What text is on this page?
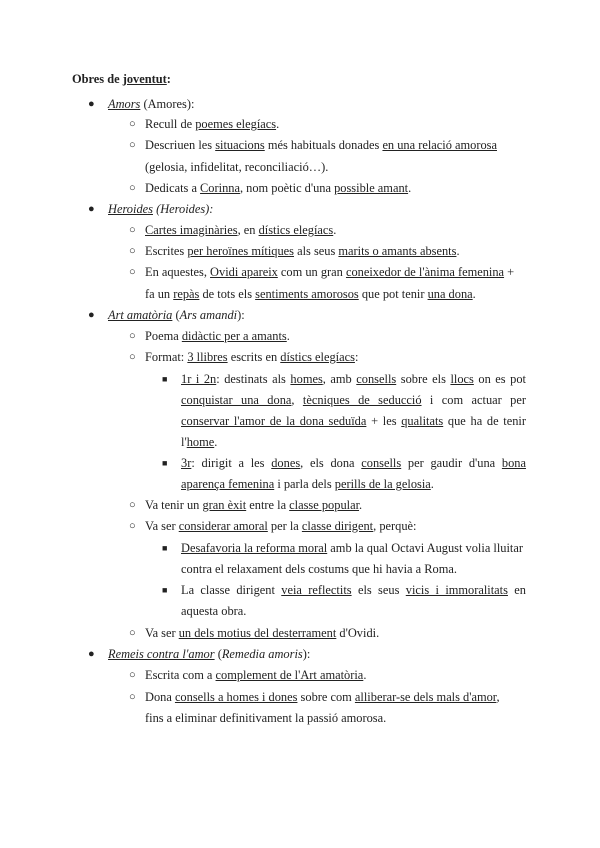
Obres de joventut:
● Amors (Amores):
○ Recull de poemes elegíacs.
○ Descriuen les situacions més habituals donades en una relació amorosa
(gelosia, infidelitat, reconciliació…).
○ Dedicats a Corinna, nom poètic d'una possible amant.
● Heroides (Heroides):
○ Cartes imaginàries, en dístics elegíacs.
○ Escrites per heroïnes mítiques als seus marits o amants absents.
○ En aquestes, Ovidi apareix com un gran coneixedor de l'ànima femenina +
fa un repàs de tots els sentiments amorosos que pot tenir una dona.
● Art amatòria (Ars amandi):
○ Poema didàctic per a amants.
○ Format: 3 llibres escrits en dístics elegíacs:
■ 1r i 2n: destinats als homes, amb consells sobre els llocs on es pot
conquistar una dona, tècniques de seducció i com actuar per
conservar l'amor de la dona seduïda + les qualitats que ha de tenir
l'home.
■ 3r: dirigit a les dones, els dona consells per gaudir d'una bona
aparença femenina i parla dels perills de la gelosia.
○ Va tenir un gran èxit entre la classe popular.
○ Va ser considerar amoral per la classe dirigent, perquè:
■ Desafavoria la reforma moral amb la qual Octavi August volia lluitar
contra el relaxament dels costums que hi havia a Roma.
■ La classe dirigent veia reflectits els seus vicis i immoralitats en
aquesta obra.
○ Va ser un dels motius del desterrament d'Ovidi.
● Remeis contra l'amor (Remedia amoris):
○ Escrita com a complement de l'Art amatòria.
○ Dona consells a homes i dones sobre com alliberar-se dels mals d'amor,
fins a eliminar definitivament la passió amorosa.
